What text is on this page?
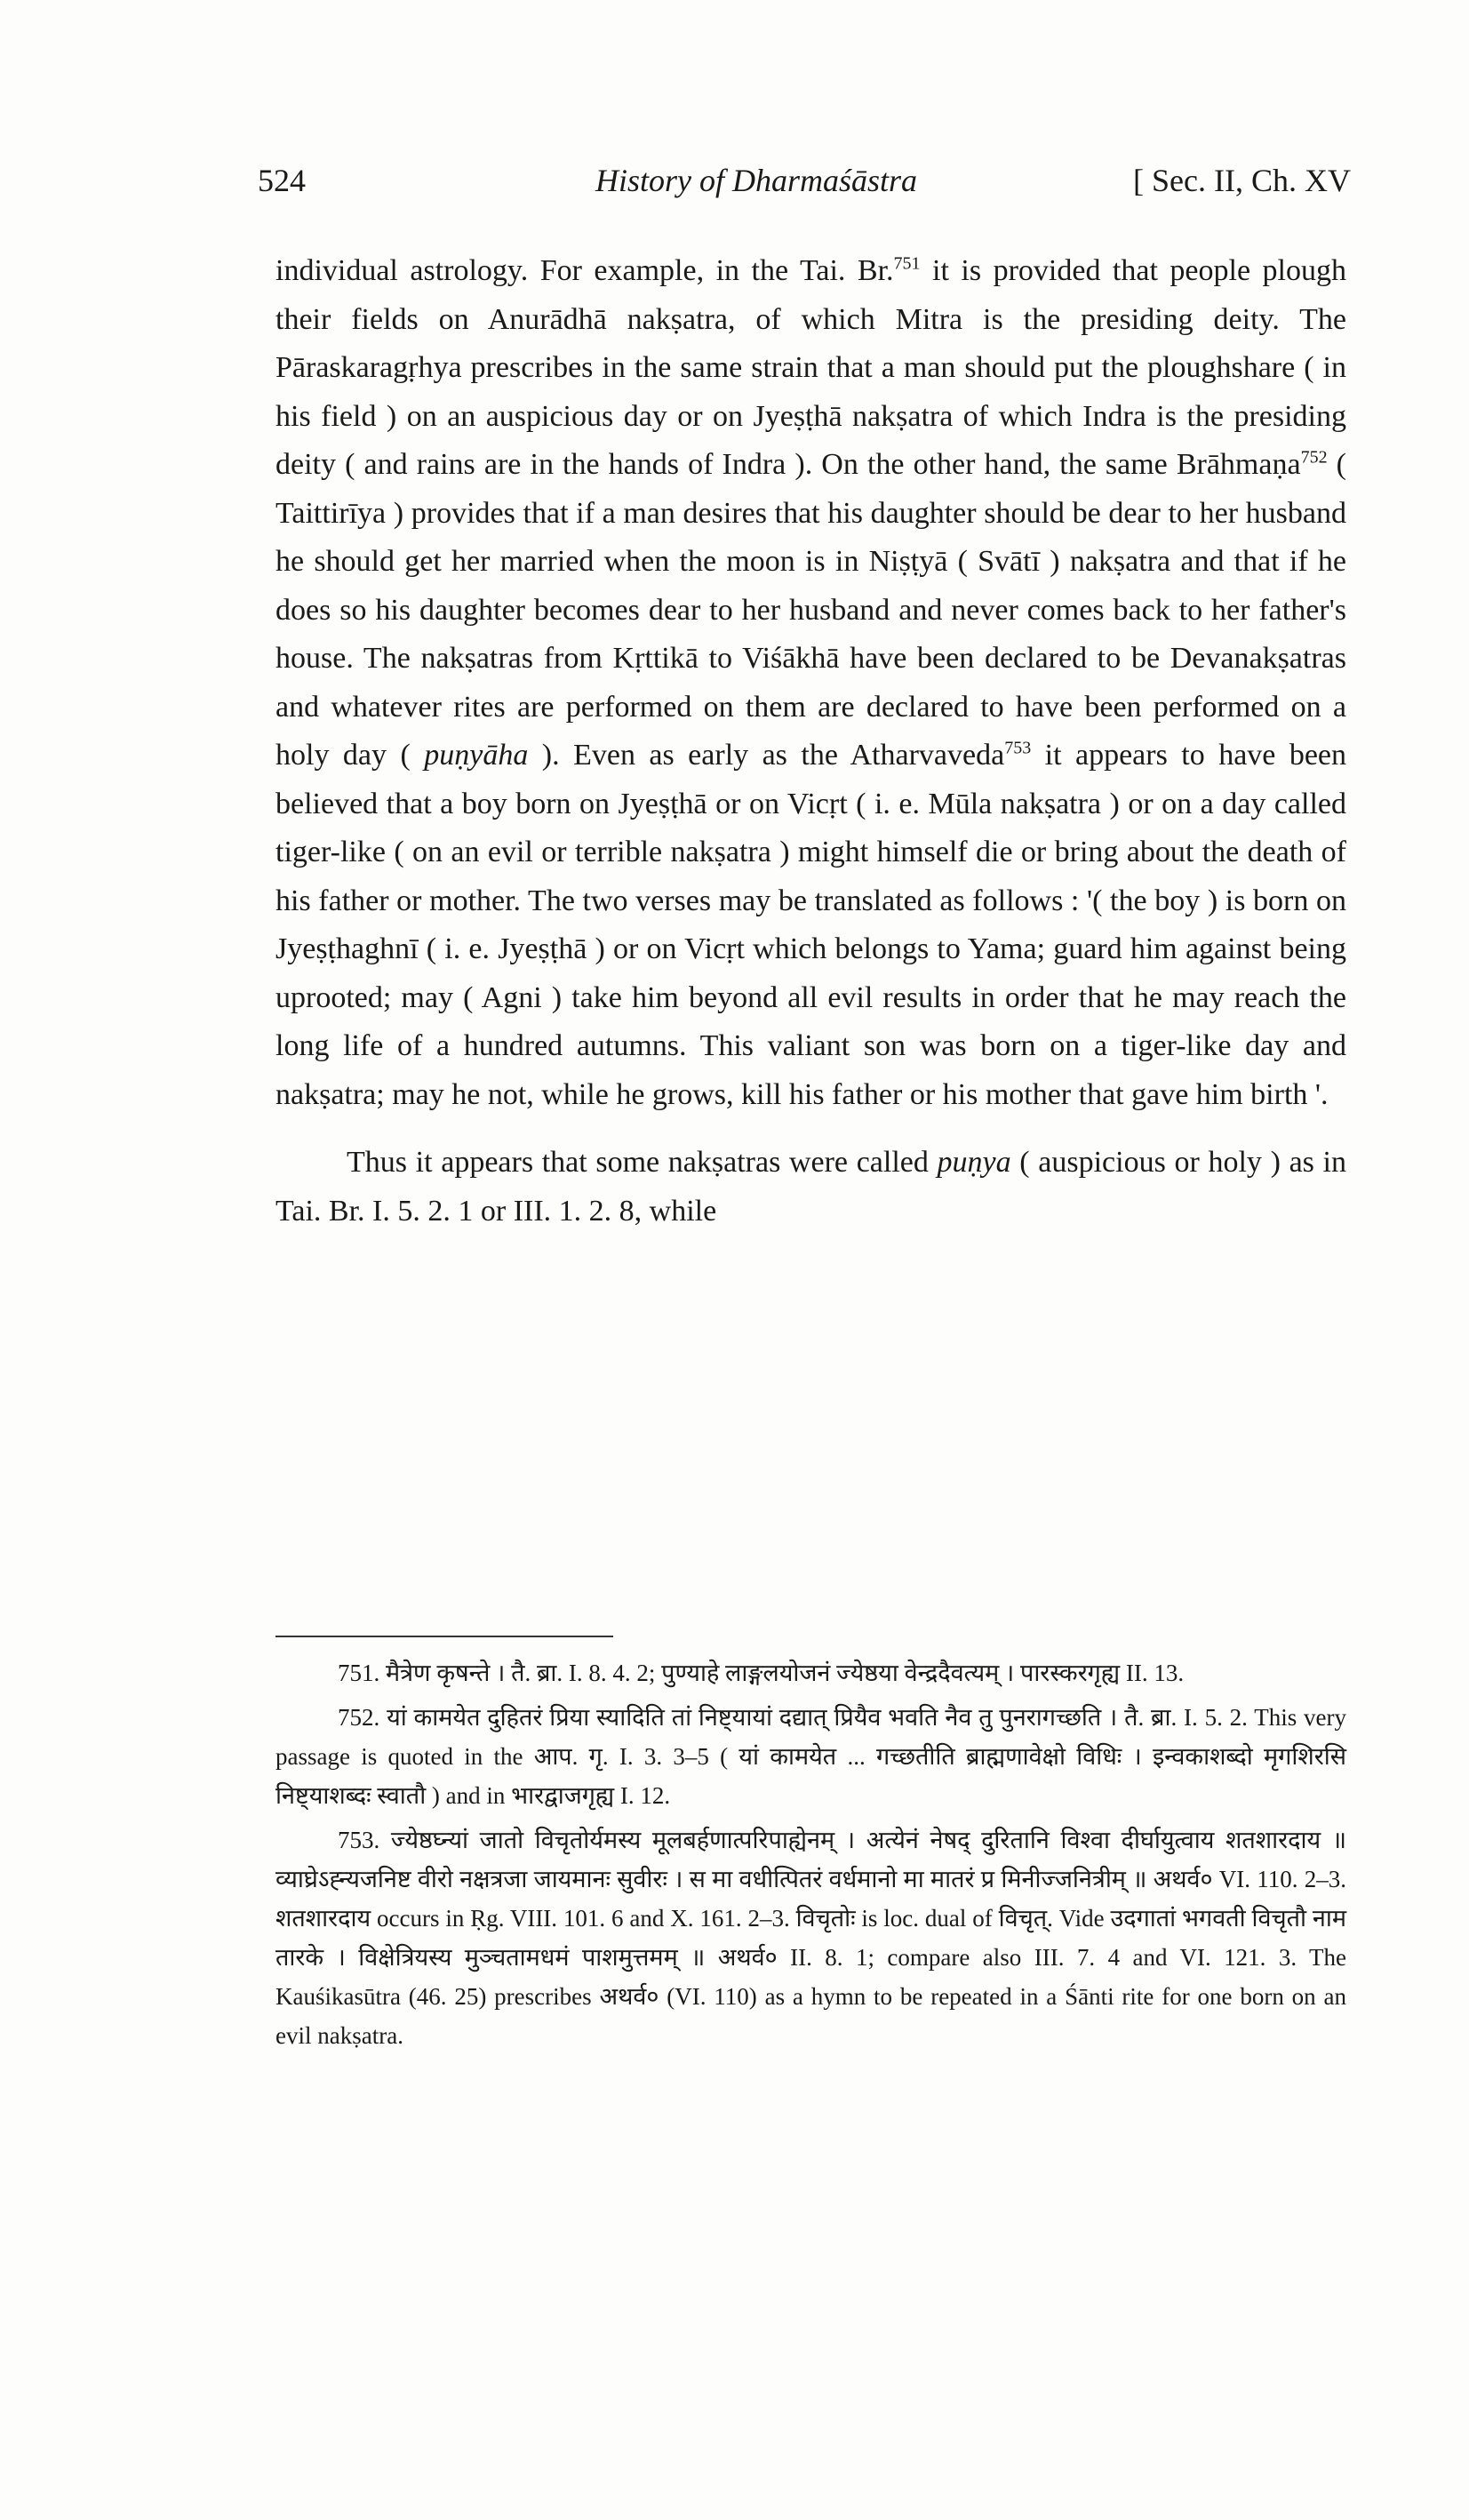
524	History of Dharmaśāstra	[ Sec. II, Ch. XV

individual astrology. For example, in the Tai. Br.$^{751}$ it is provided that people plough their fields on Anurādhā nakṣatra, of which Mitra is the presiding deity. The Pāraskaragṛhya prescribes in the same strain that a man should put the ploughshare ( in his field ) on an auspicious day or on Jyeṣṭhā nakṣatra of which Indra is the presiding deity ( and rains are in the hands of Indra ). On the other hand, the same Brāhmaṇa$^{752}$ ( Taittirīya ) provides that if a man desires that his daughter should be dear to her husband he should get her married when the moon is in Niṣṭyā ( Svātī ) nakṣatra and that if he does so his daughter becomes dear to her husband and never comes back to her father's house. The nakṣatras from Kṛttikā to Viśākhā have been declared to be Devanakṣatras and whatever rites are performed on them are declared to have been performed on a holy day ( puṇyāha ). Even as early as the Atharvaveda$^{753}$ it appears to have been believed that a boy born on Jyeṣṭhā or on Vicṛt ( i. e. Mūla nakṣatra ) or on a day called tiger-like ( on an evil or terrible nakṣatra ) might himself die or bring about the death of his father or mother. The two verses may be translated as follows : '( the boy ) is born on Jyeṣṭhaghnī ( i. e. Jyeṣṭhā ) or on Vicṛt which belongs to Yama; guard him against being uprooted; may ( Agni ) take him beyond all evil results in order that he may reach the long life of a hundred autumns. This valiant son was born on a tiger-like day and nakṣatra; may he not, while he grows, kill his father or his mother that gave him birth '.

Thus it appears that some nakṣatras were called puṇya ( auspicious or holy ) as in Tai. Br. I. 5. 2. 1 or III. 1. 2. 8, while

751. मैत्रेण कृषन्ते । तै. ब्रा. I. 8. 4. 2; पुण्याहे लाङ्गलयोजनं ज्येष्ठया वेन्द्रदैवत्यम् । पारस्करगृह्य II. 13.

752. यां कामयेत दुहितरं प्रिया स्यादिति तां निष्ट्यायां दद्यात् प्रियैव भवति नैव तु पुनरागच्छति । तै. ब्रा. I. 5. 2. This very passage is quoted in the आप. गृ. I. 3. 3–5 ( यां कामयेत ... गच्छतीति ब्राह्मणावेक्षो विधिः । इन्वकाशब्दो मृगशिरसि निष्ट्याशब्दः स्वातौ ) and in भारद्वाजगृह्य I. 12.

753. ज्येष्ठघ्न्यां जातो विचृतोर्यमस्य मूलबर्हणात्परिपाह्येनम् । अत्येनं नेषद् दुरितानि विश्वा दीर्घायुत्वाय शतशारदाय ॥ व्याघ्रेऽह्न्यजनिष्ट वीरो नक्षत्रजा जायमानः सुवीरः । स मा वधीत्पितरं वर्धमानो मा मातरं प्र मिनीज्जनित्रीम् ॥ अथर्व० VI. 110. 2–3. शतशारदाय occurs in Ṛg. VIII. 101. 6 and X. 161. 2–3. विचृतोः is loc. dual of विचृत्. Vide उदगातां भगवती विचृतौ नाम तारके । विक्षेत्रियस्य मुञ्चतामधमं पाशमुत्तमम् ॥ अथर्व० II. 8. 1; compare also III. 7. 4 and VI. 121. 3. The Kauśikasūtra (46. 25) prescribes अथर्व० (VI. 110) as a hymn to be repeated in a Śānti rite for one born on an evil nakṣatra.
